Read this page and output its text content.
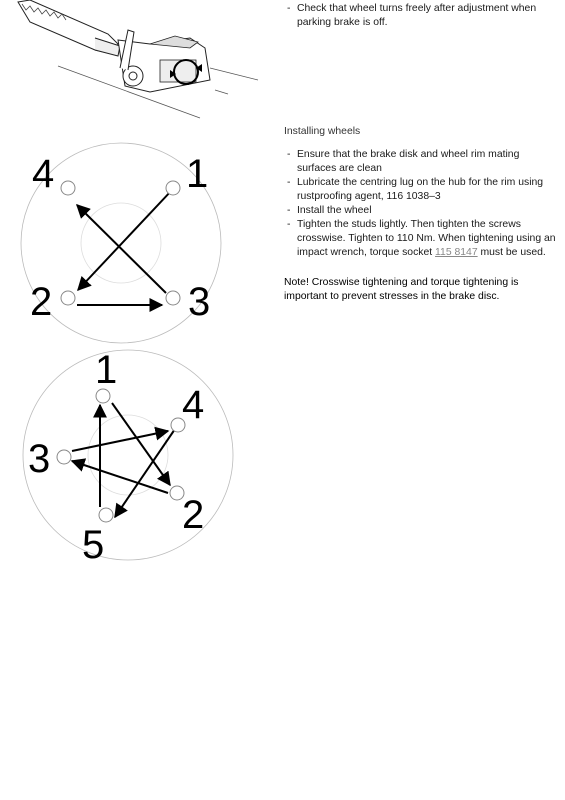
- Check that wheel turns freely after adjustment when parking brake is off.
Installing wheels
- Ensure that the brake disk and wheel rim mating surfaces are clean
- Lubricate the centring lug on the hub for the rim using rustproofing agent, 116 1038–3
- Install the wheel
- Tighten the studs lightly. Then tighten the screws crosswise. Tighten to 110 Nm. When tightening using an impact wrench, torque socket 115 8147 must be used.
Note! Crosswise tightening and torque tightening is important to prevent stresses in the brake disc.
1
2	3
4
1
2
3
4
5
